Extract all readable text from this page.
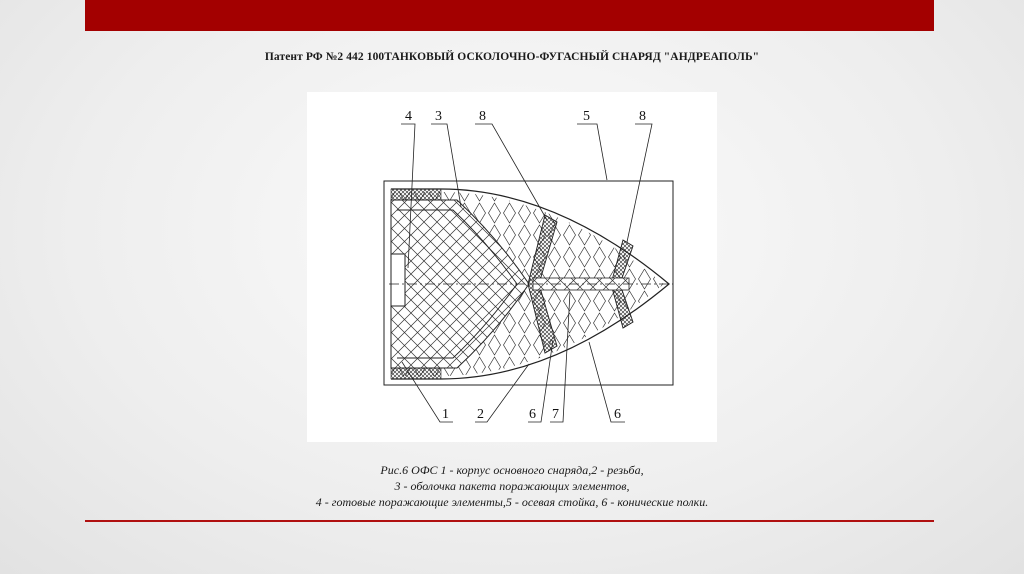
Патент РФ №2 442 100ТАНКОВЫЙ ОСКОЛОЧНО-ФУГАСНЫЙ СНАРЯД "АНДРЕАПОЛЬ"
4 3	8	5	8
1 2	6 7	6
Рис.6 ОФС 1 - корпус основного снаряда,2 - резьба,
3 - оболочка пакета поражающих элементов,
4 - готовые поражающие элементы,5 - осевая стойка, 6 - конические полки.
